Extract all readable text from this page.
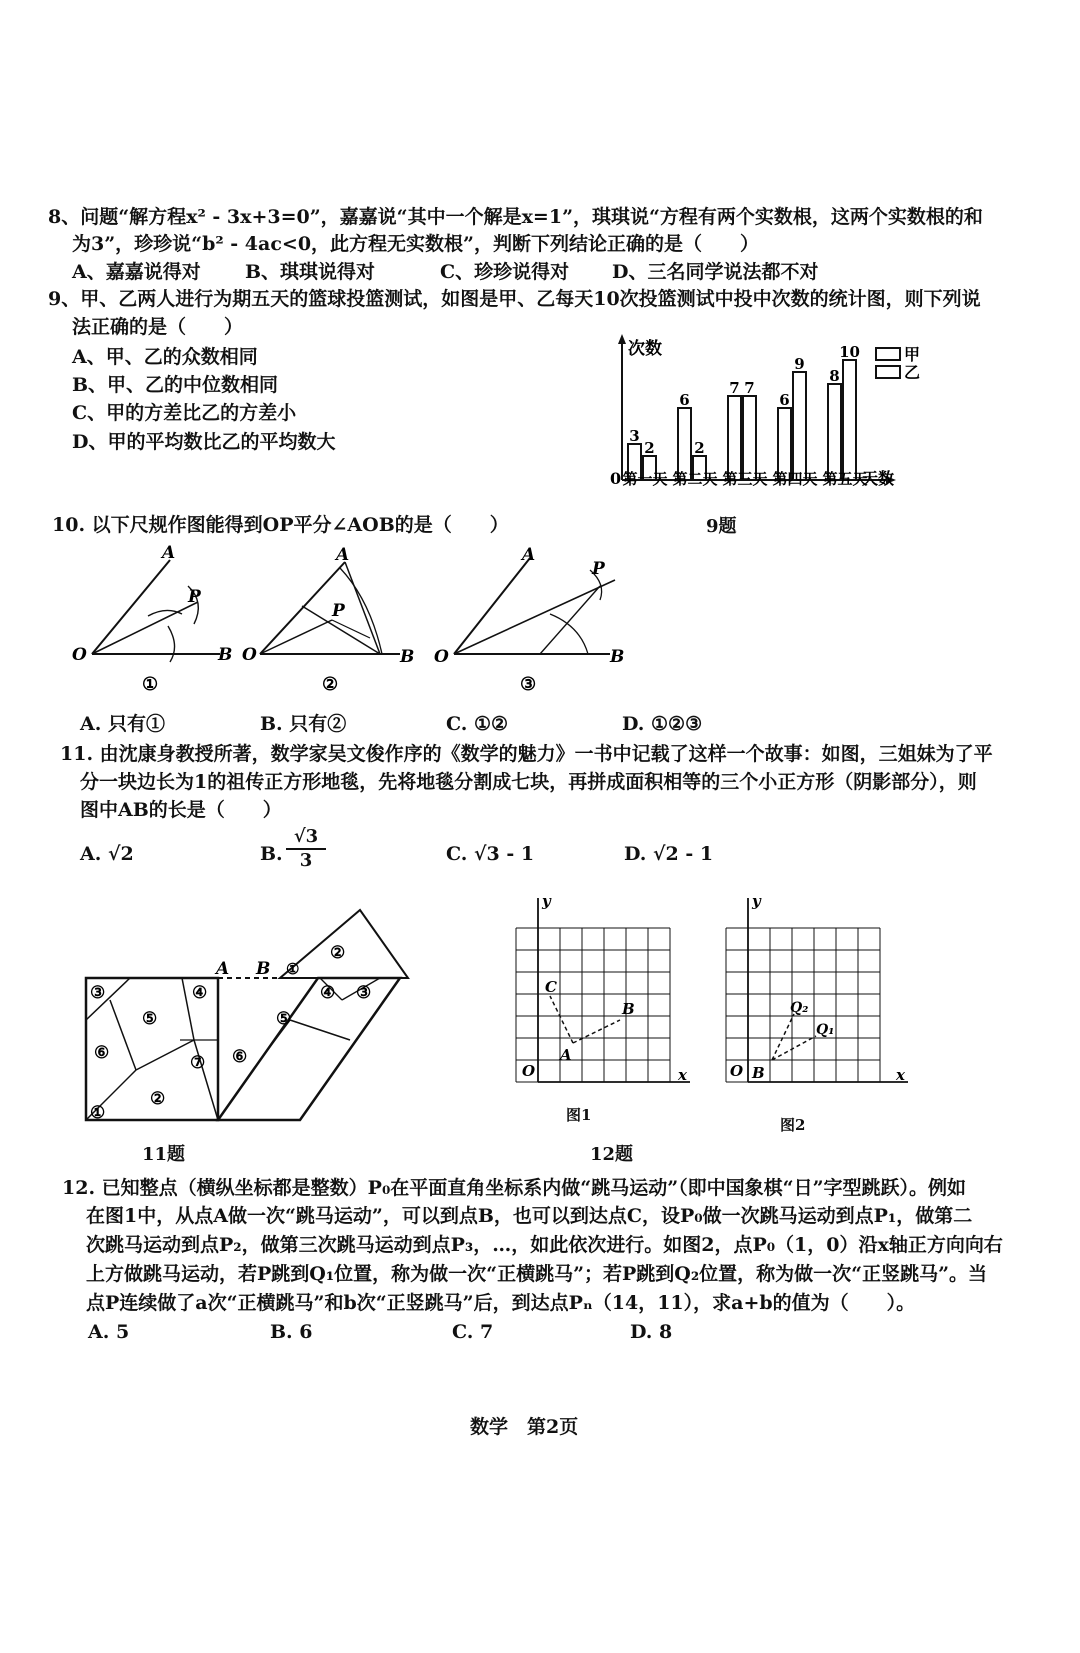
8、问题“解方程x² - 3x+3=0”，嘉嘉说“其中一个解是x=1”，琪琪说“方程有两个实数根，这两个实数根的和
为3”，珍珍说“b² - 4ac<0，此方程无实数根”，判断下列结论正确的是（　　）
A、嘉嘉说得对 B、琪琪说得对	C、珍珍说得对 D、三名同学说法都不对
9、甲、乙两人进行为期五天的篮球投篮测试，如图是甲、乙每天10次投篮测试中投中次数的统计图，则下列说
法正确的是（　　）
A、甲、乙的众数相同
B、甲、乙的中位数相同
C、甲的方差比乙的方差小
D、甲的平均数比乙的平均数大
次数
0	天数
3
2
6
2
7 7
6
9
8
10
第一天 第二天 第三天 第四天 第五天
甲
乙
9题
10. 以下尺规作图能得到OP平分∠AOB的是（　　）
O
A
B
P
①
O
A
B
P
②
O
A
B
P
③
A. 只有①	B. 只有②	C. ①②	D. ①②③
11. 由沈康身教授所著，数学家吴文俊作序的《数学的魅力》一书中记载了这样一个故事：如图，三姐妹为了平
分一块边长为1的祖传正方形地毯，先将地毯分割成七块，再拼成面积相等的三个小正方形（阴影部分），则
图中AB的长是（　　）
A. √2	B. $\frac{√3}{3}$	C. √3 - 1	D. √2 - 1
A B
③
⑤
④
⑥
②
①
⑦ ⑥
⑤
④ ③
②
①
11题
x
y
O
A
B
C
x
y
O B
Q₁
Q₂
图1
图2
12题
12. 已知整点（横纵坐标都是整数）P₀在平面直角坐标系内做“跳马运动”（即中国象棋“日”字型跳跃）。例如
在图1中，从点A做一次“跳马运动”，可以到点B，也可以到达点C，设P₀做一次跳马运动到点P₁，做第二
次跳马运动到点P₂，做第三次跳马运动到点P₃，…，如此依次进行。如图2，点P₀（1，0）沿x轴正方向向右
上方做跳马运动，若P跳到Q₁位置，称为做一次“正横跳马”；若P跳到Q₂位置，称为做一次“正竖跳马”。当
点P连续做了a次“正横跳马”和b次“正竖跳马”后，到达点Pₙ（14，11），求a+b的值为（　　）。
A. 5	B. 6	C. 7	D. 8
数学　第2页
